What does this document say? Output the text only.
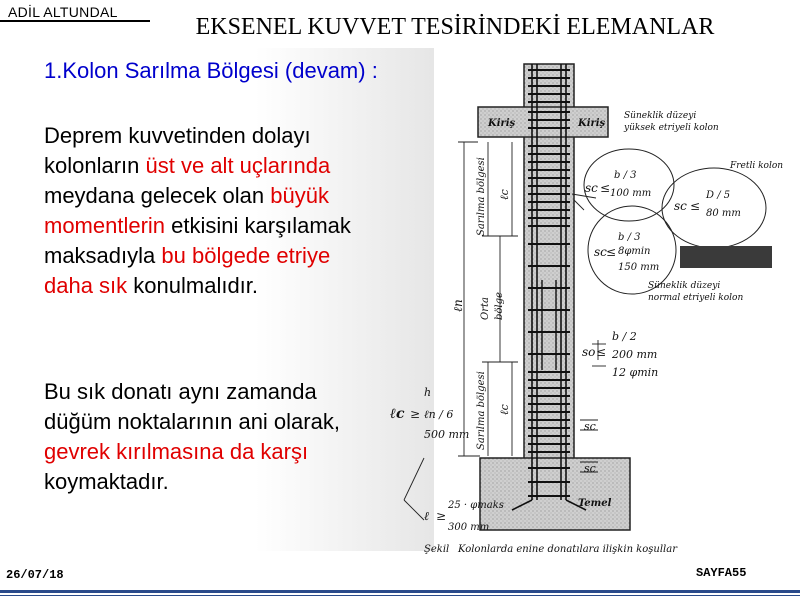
ADİL ALTUNDAL
EKSENEL KUVVET TESİRİNDEKİ ELEMANLAR
1.Kolon Sarılma Bölgesi (devam) :
Deprem kuvvetinden dolayı kolonların üst ve alt uçlarında meydana gelecek olan büyük momentlerin etkisini karşılamak maksadıyla bu bölgede etriye daha sık konulmalıdır.
Bu sık donatı aynı zamanda düğüm noktalarının ani olarak, gevrek kırılmasına da karşı koymaktadır.
Kiriş	Kiriş
Süneklik düzeyi
yüksek etriyeli kolon
Fretli kolon
sc ≤
b / 3
100 mm
sc ≤
D / 5
80 mm
sc ≤
b / 3
8φmin
150 mm
Süneklik düzeyi
normal etriyeli kolon
so ≤
b / 2
200 mm
12 φmin
sc
sc
ℓc ≥
h
ℓn / 6
500 mm
Temel
ℓ ≥
25 · φmaks
300 mm
Şekil Kolonlarda enine donatılara ilişkin koşullar
Sarılma bölgesi ℓc
ℓn Orta bölge
Sarılma bölgesi ℓc
26/07/18	SAYFA55
